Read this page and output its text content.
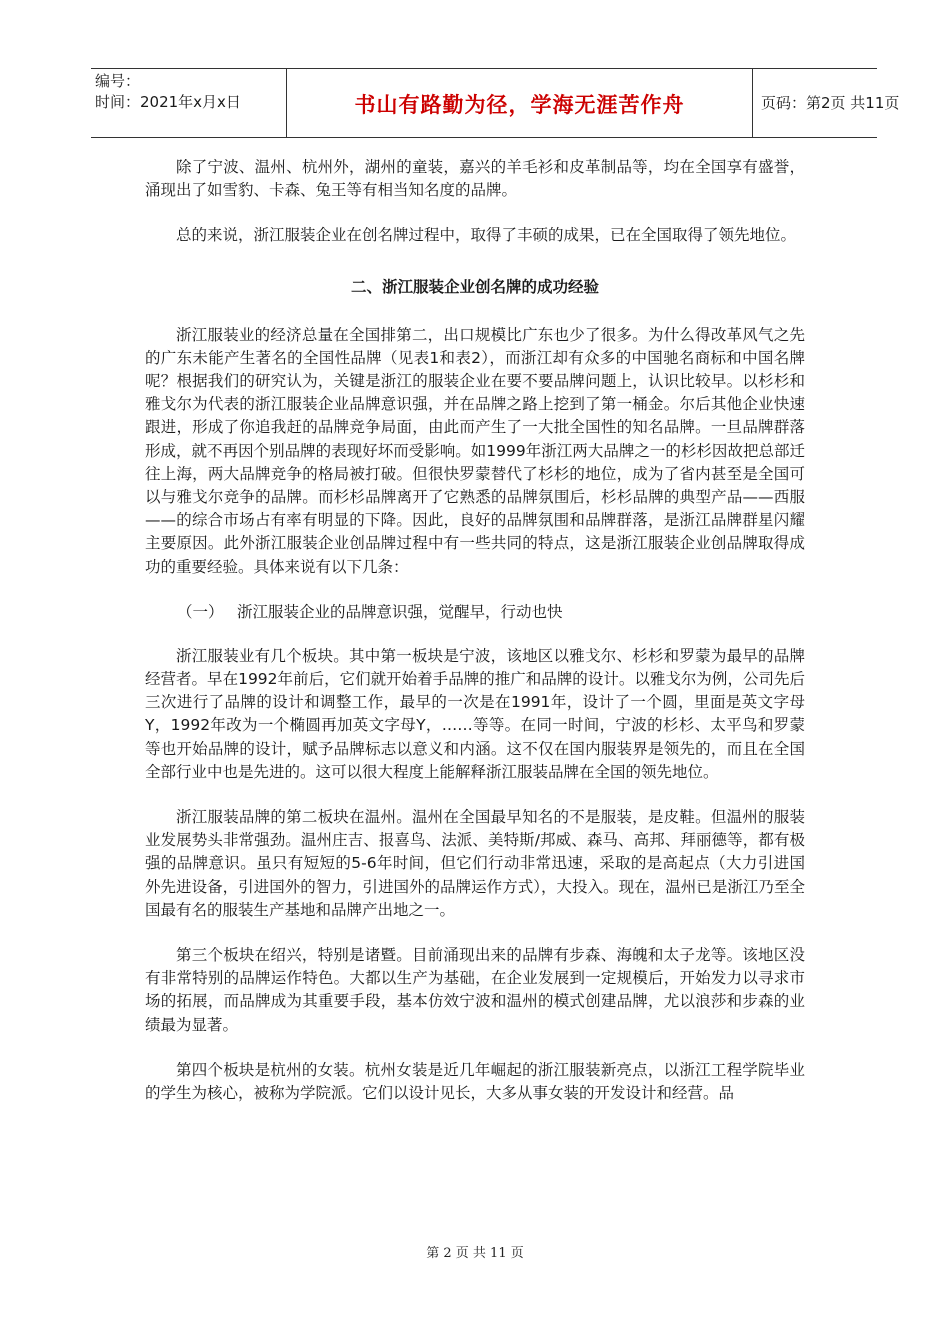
编号：
时间：2021年x月x日	书山有路勤为径，学海无涯苦作舟	页码：第2页 共11页

除了宁波、温州、杭州外，湖州的童装，嘉兴的羊毛衫和皮革制品等，均在全国享有盛誉，涌现出了如雪豹、卡森、兔王等有相当知名度的品牌。

总的来说，浙江服装企业在创名牌过程中，取得了丰硕的成果，已在全国取得了领先地位。

二、浙江服装企业创名牌的成功经验

浙江服装业的经济总量在全国排第二，出口规模比广东也少了很多。为什么得改革风气之先的广东未能产生著名的全国性品牌（见表1和表2），而浙江却有众多的中国驰名商标和中国名牌呢？根据我们的研究认为，关键是浙江的服装企业在要不要品牌问题上，认识比较早。以杉杉和雅戈尔为代表的浙江服装企业品牌意识强，并在品牌之路上挖到了第一桶金。尔后其他企业快速跟进，形成了你追我赶的品牌竞争局面，由此而产生了一大批全国性的知名品牌。一旦品牌群落形成，就不再因个别品牌的表现好坏而受影响。如1999年浙江两大品牌之一的杉杉因故把总部迁往上海，两大品牌竞争的格局被打破。但很快罗蒙替代了杉杉的地位，成为了省内甚至是全国可以与雅戈尔竞争的品牌。而杉杉品牌离开了它熟悉的品牌氛围后，杉杉品牌的典型产品——西服——的综合市场占有率有明显的下降。因此，良好的品牌氛围和品牌群落，是浙江品牌群星闪耀主要原因。此外浙江服装企业创品牌过程中有一些共同的特点，这是浙江服装企业创品牌取得成功的重要经验。具体来说有以下几条：

（一） 浙江服装企业的品牌意识强，觉醒早，行动也快

浙江服装业有几个板块。其中第一板块是宁波，该地区以雅戈尔、杉杉和罗蒙为最早的品牌经营者。早在1992年前后，它们就开始着手品牌的推广和品牌的设计。以雅戈尔为例，公司先后三次进行了品牌的设计和调整工作，最早的一次是在1991年，设计了一个圆，里面是英文字母Y，1992年改为一个椭圆再加英文字母Y，……等等。在同一时间，宁波的杉杉、太平鸟和罗蒙等也开始品牌的设计，赋予品牌标志以意义和内涵。这不仅在国内服装界是领先的，而且在全国全部行业中也是先进的。这可以很大程度上能解释浙江服装品牌在全国的领先地位。

浙江服装品牌的第二板块在温州。温州在全国最早知名的不是服装，是皮鞋。但温州的服装业发展势头非常强劲。温州庄吉、报喜鸟、法派、美特斯/邦威、森马、高邦、拜丽德等，都有极强的品牌意识。虽只有短短的5-6年时间，但它们行动非常迅速，采取的是高起点（大力引进国外先进设备，引进国外的智力，引进国外的品牌运作方式），大投入。现在，温州已是浙江乃至全国最有名的服装生产基地和品牌产出地之一。

第三个板块在绍兴，特别是诸暨。目前涌现出来的品牌有步森、海魄和太子龙等。该地区没有非常特别的品牌运作特色。大都以生产为基础，在企业发展到一定规模后，开始发力以寻求市场的拓展，而品牌成为其重要手段，基本仿效宁波和温州的模式创建品牌，尤以浪莎和步森的业绩最为显著。

第四个板块是杭州的女装。杭州女装是近几年崛起的浙江服装新亮点，以浙江工程学院毕业的学生为核心，被称为学院派。它们以设计见长，大多从事女装的开发设计和经营。品

第 2 页 共 11 页
